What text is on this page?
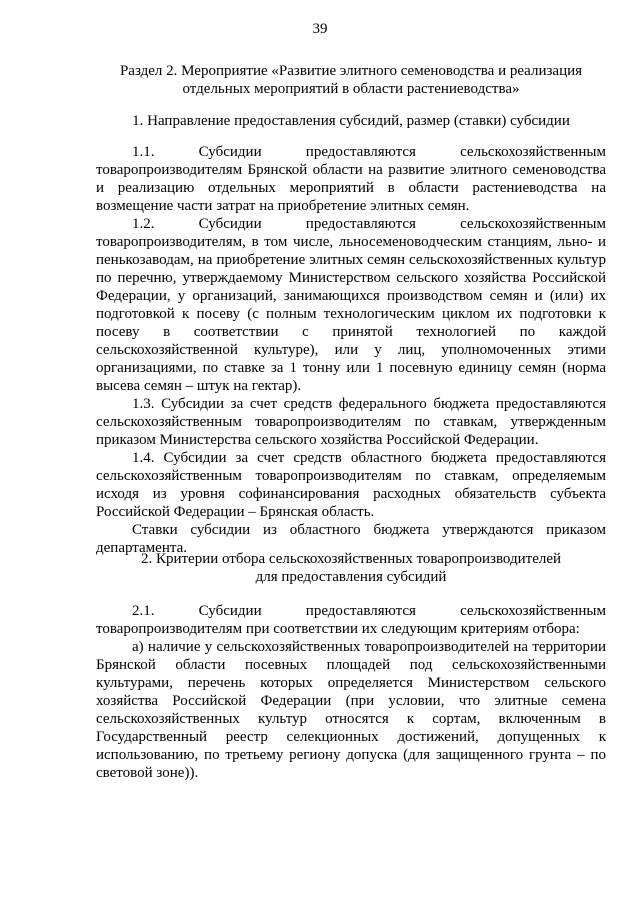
39
Раздел 2. Мероприятие «Развитие элитного семеноводства и реализация
отдельных мероприятий в области растениеводства»
1. Направление предоставления субсидий, размер (ставки) субсидии

1.1. Субсидии предоставляются сельскохозяйственным товаропроизводителям Брянской области на развитие элитного семеноводства и реализацию отдельных мероприятий в области растениеводства на возмещение части затрат на приобретение элитных семян.

1.2. Субсидии предоставляются сельскохозяйственным товаропроизводителям, в том числе, льносеменоводческим станциям, льно- и пенькозаводам, на приобретение элитных семян сельскохозяйственных культур по перечню, утверждаемому Министерством сельского хозяйства Российской Федерации, у организаций, занимающихся производством семян и (или) их подготовкой к посеву (с полным технологическим циклом их подготовки к посеву в соответствии с принятой технологией по каждой сельскохозяйственной культуре), или у лиц, уполномоченных этими организациями, по ставке за 1 тонну или 1 посевную единицу семян (норма высева семян – штук на гектар).

1.3. Субсидии за счет средств федерального бюджета предоставляются сельскохозяйственным товаропроизводителям по ставкам, утвержденным приказом Министерства сельского хозяйства Российской Федерации.

1.4. Субсидии за счет средств областного бюджета предоставляются сельскохозяйственным товаропроизводителям по ставкам, определяемым исходя из уровня софинансирования расходных обязательств субъекта Российской Федерации – Брянская область.

Ставки субсидии из областного бюджета утверждаются приказом департамента.

2. Критерии отбора сельскохозяйственных товаропроизводителей
для предоставления субсидий

2.1. Субсидии предоставляются сельскохозяйственным товаропроизводителям при соответствии их следующим критериям отбора:

а) наличие у сельскохозяйственных товаропроизводителей на территории Брянской области посевных площадей под сельскохозяйственными культурами, перечень которых определяется Министерством сельского хозяйства Российской Федерации (при условии, что элитные семена сельскохозяйственных культур относятся к сортам, включенным в Государственный реестр селекционных достижений, допущенных к использованию, по третьему региону допуска (для защищенного грунта – по световой зоне)).
